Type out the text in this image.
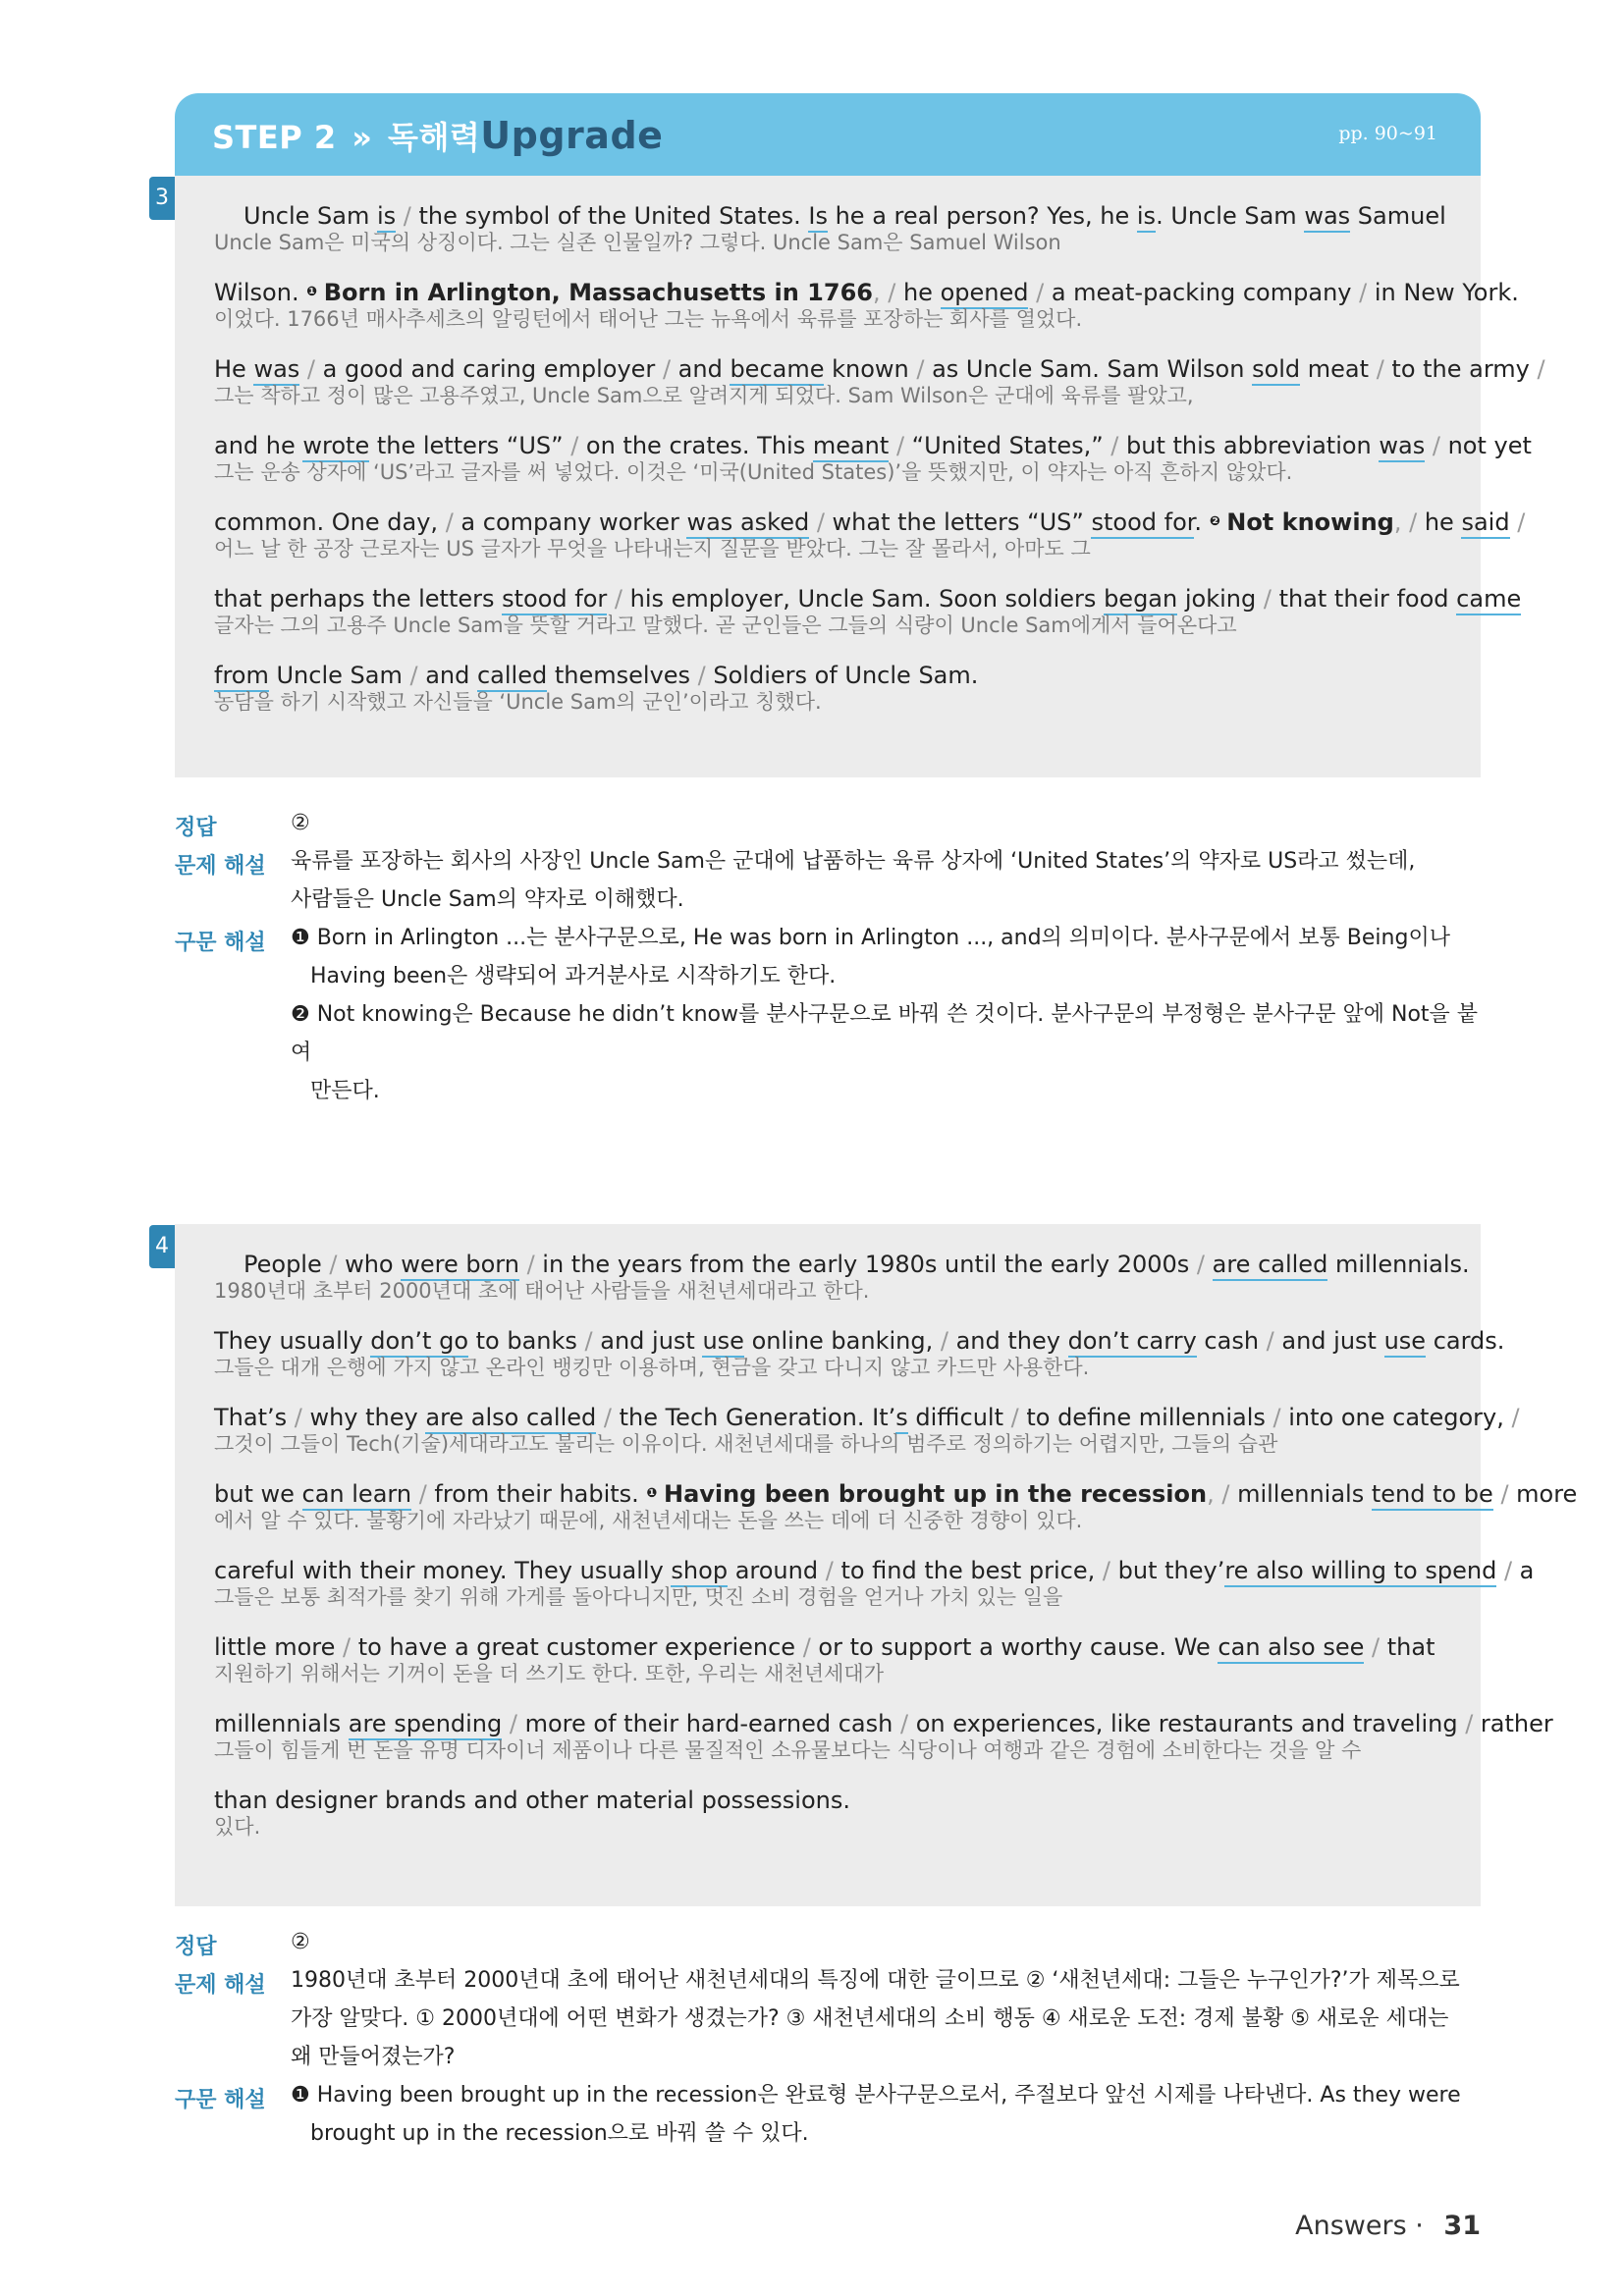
STEP 2 » 독해력Upgrade	pp. 90~91
3
Uncle Sam is / the symbol of the United States. Is he a real person? Yes, he is. Uncle Sam was Samuel
Uncle Sam은 미국의 상징이다. 그는 실존 인물일까? 그렇다. Uncle Sam은 Samuel Wilson
Wilson. $^❶$ Born in Arlington, Massachusetts in 1766, / he opened / a meat-packing company / in New York.
이었다. 1766년 매사추세츠의 알링턴에서 태어난 그는 뉴욕에서 육류를 포장하는 회사를 열었다.
He was / a good and caring employer / and became known / as Uncle Sam. Sam Wilson sold meat / to the army /
그는 착하고 정이 많은 고용주였고, Uncle Sam으로 알려지게 되었다. Sam Wilson은 군대에 육류를 팔았고,
and he wrote the letters “US” / on the crates. This meant / “United States,” / but this abbreviation was / not yet
그는 운송 상자에 ‘US’라고 글자를 써 넣었다. 이것은 ‘미국(United States)’을 뜻했지만, 이 약자는 아직 흔하지 않았다.
common. One day, / a company worker was asked / what the letters “US” stood for. $^❷$ Not knowing, / he said /
어느 날 한 공장 근로자는 US 글자가 무엇을 나타내는지 질문을 받았다. 그는 잘 몰라서, 아마도 그
that perhaps the letters stood for / his employer, Uncle Sam. Soon soldiers began joking / that their food came
글자는 그의 고용주 Uncle Sam을 뜻할 거라고 말했다. 곧 군인들은 그들의 식량이 Uncle Sam에게서 들어온다고
from Uncle Sam / and called themselves / Soldiers of Uncle Sam.
농담을 하기 시작했고 자신들을 ‘Uncle Sam의 군인’이라고 칭했다.
정답	②
문제 해설 육류를 포장하는 회사의 사장인 Uncle Sam은 군대에 납품하는 육류 상자에 ‘United States’의 약자로 US라고 썼는데,
사람들은 Uncle Sam의 약자로 이해했다.
구문 해설 ❶ Born in Arlington ...는 분사구문으로, He was born in Arlington ..., and의 의미이다. 분사구문에서 보통 Being이나
Having been은 생략되어 과거분사로 시작하기도 한다.
❷ Not knowing은 Because he didn’t know를 분사구문으로 바꿔 쓴 것이다. 분사구문의 부정형은 분사구문 앞에 Not을 붙여
만든다.
4
People / who were born / in the years from the early 1980s until the early 2000s / are called millennials.
1980년대 초부터 2000년대 초에 태어난 사람들을 새천년세대라고 한다.
They usually don’t go to banks / and just use online banking, / and they don’t carry cash / and just use cards.
그들은 대개 은행에 가지 않고 온라인 뱅킹만 이용하며, 현금을 갖고 다니지 않고 카드만 사용한다.
That’s / why they are also called / the Tech Generation. It’s difficult / to define millennials / into one category, /
그것이 그들이 Tech(기술)세대라고도 불리는 이유이다. 새천년세대를 하나의 범주로 정의하기는 어렵지만, 그들의 습관
but we can learn / from their habits. $^❶$ Having been brought up in the recession, / millennials tend to be / more
에서 알 수 있다. 불황기에 자라났기 때문에, 새천년세대는 돈을 쓰는 데에 더 신중한 경향이 있다.
careful with their money. They usually shop around / to find the best price, / but they’re also willing to spend / a
그들은 보통 최적가를 찾기 위해 가게를 돌아다니지만, 멋진 소비 경험을 얻거나 가치 있는 일을
little more / to have a great customer experience / or to support a worthy cause. We can also see / that
지원하기 위해서는 기꺼이 돈을 더 쓰기도 한다. 또한, 우리는 새천년세대가
millennials are spending / more of their hard-earned cash / on experiences, like restaurants and traveling / rather
그들이 힘들게 번 돈을 유명 디자이너 제품이나 다른 물질적인 소유물보다는 식당이나 여행과 같은 경험에 소비한다는 것을 알 수
than designer brands and other material possessions.
있다.
정답	②
문제 해설 1980년대 초부터 2000년대 초에 태어난 새천년세대의 특징에 대한 글이므로 ② ‘새천년세대: 그들은 누구인가?’가 제목으로
가장 알맞다. ① 2000년대에 어떤 변화가 생겼는가? ③ 새천년세대의 소비 행동 ④ 새로운 도전: 경제 불황 ⑤ 새로운 세대는
왜 만들어졌는가?
구문 해설 ❶ Having been brought up in the recession은 완료형 분사구문으로서, 주절보다 앞선 시제를 나타낸다. As they were
brought up in the recession으로 바꿔 쓸 수 있다.
Answers · 31
